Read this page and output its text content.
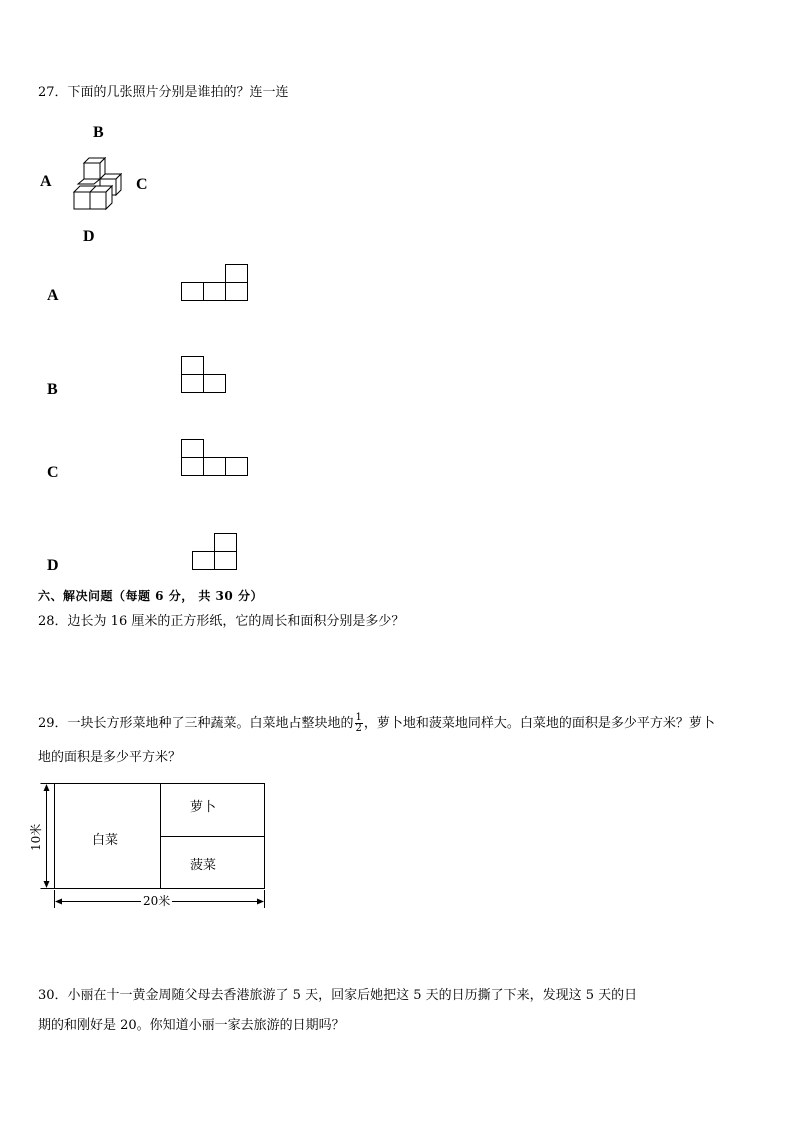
27．下面的几张照片分别是谁拍的？连一连
B
A	C
D
A
B
C
D
六、解决问题（每题 6 分， 共 30 分）
28．边长为 16 厘米的正方形纸，它的周长和面积分别是多少？
29．一块长方形菜地种了三种蔬菜。白菜地占整块地的 $\frac{1}{2}$ ，萝卜地和菠菜地同样大。白菜地的面积是多少平方米？萝卜
地的面积是多少平方米？
白菜
萝卜
菠菜
10米
20米
30．小丽在十一黄金周随父母去香港旅游了 5 天，回家后她把这 5 天的日历撕了下来，发现这 5 天的日
期的和刚好是 20。你知道小丽一家去旅游的日期吗？
